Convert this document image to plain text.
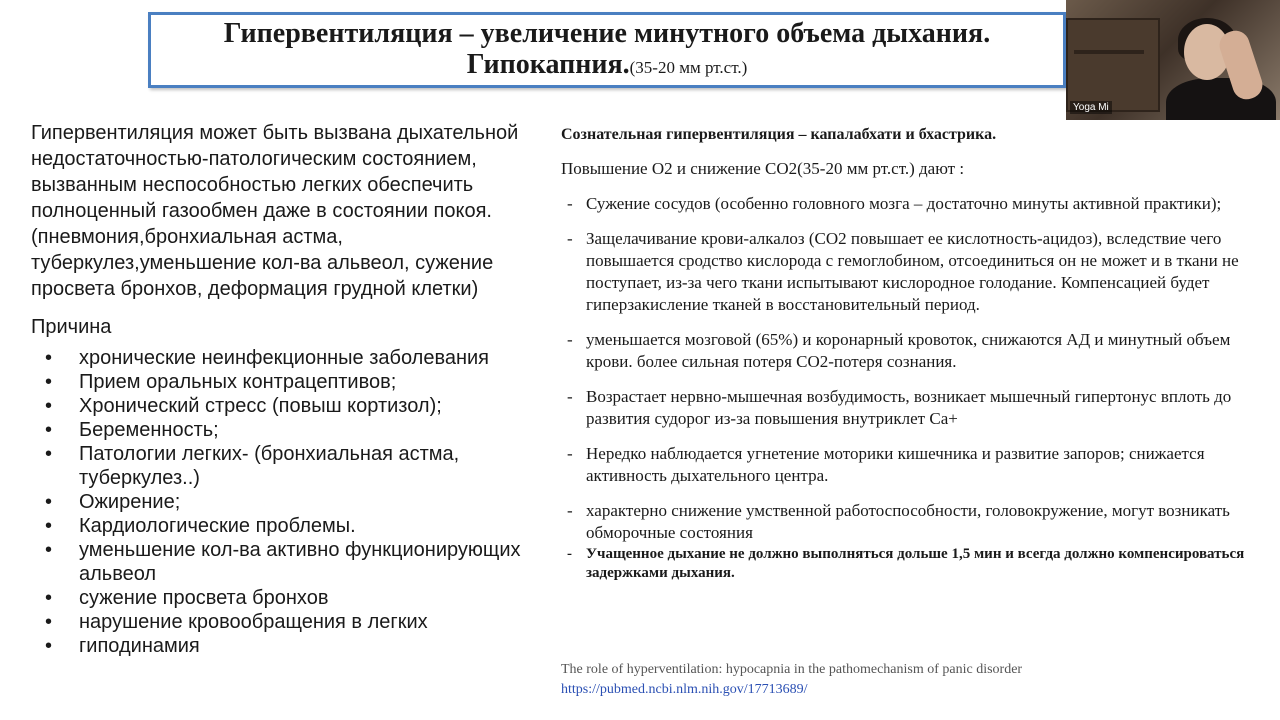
Гипервентиляция – увеличение минутного объема дыхания.
Гипокапния.(35-20 мм рт.ст.)

Гипервентиляция может быть вызвана дыхательной недостаточностью-патологическим состоянием, вызванным неспособностью легких обеспечить полноценный газообмен даже в состоянии покоя.(пневмония,бронхиальная астма, туберкулез,уменьшение кол-ва альвеол, сужение просвета бронхов, деформация грудной клетки)

Причина

• хронические неинфекционные заболевания
• Прием оральных контрацептивов;
• Хронический стресс (повыш кортизол);
• Беременность;
• Патологии легких- (бронхиальная астма, туберкулез..)
• Ожирение;
• Кардиологические проблемы.
• уменьшение кол-ва активно функционирующих альвеол
• сужение просвета бронхов
• нарушение кровообращения в легких
• гиподинамия

Сознательная гипервентиляция – капалабхати и бхастрика.

Повышение О2 и снижение СО2(35-20 мм рт.ст.) дают :

- Сужение сосудов (особенно головного мозга – достаточно минуты активной практики);
- Защелачивание крови-алкалоз (СО2 повышает ее кислотность-ацидоз), вследствие чего повышается сродство кислорода с гемоглобином, отсоединиться он не может и в ткани не поступает, из-за чего ткани испытывают кислородное голодание. Компенсацией будет гиперзакисление тканей в восстановительный период.
- уменьшается мозговой (65%) и коронарный кровоток, снижаются АД и минутный объем крови. более сильная потеря СО2-потеря сознания.
- Возрастает нервно-мышечная возбудимость, возникает мышечный гипертонус вплоть до развития судорог из-за повышения внутриклет Са+
- Нередко наблюдается угнетение моторики кишечника и развитие запоров; снижается активность дыхательного центра.
- характерно снижение умственной работоспособности, головокружение, могут возникать обморочные состояния
- Учащенное дыхание не должно выполняться дольше 1,5 мин и всегда должно компенсироваться задержками дыхания.
The role of hyperventilation: hypocapnia in the pathomechanism of panic disorder
https://pubmed.ncbi.nlm.nih.gov/17713689/
Yoga Mi
